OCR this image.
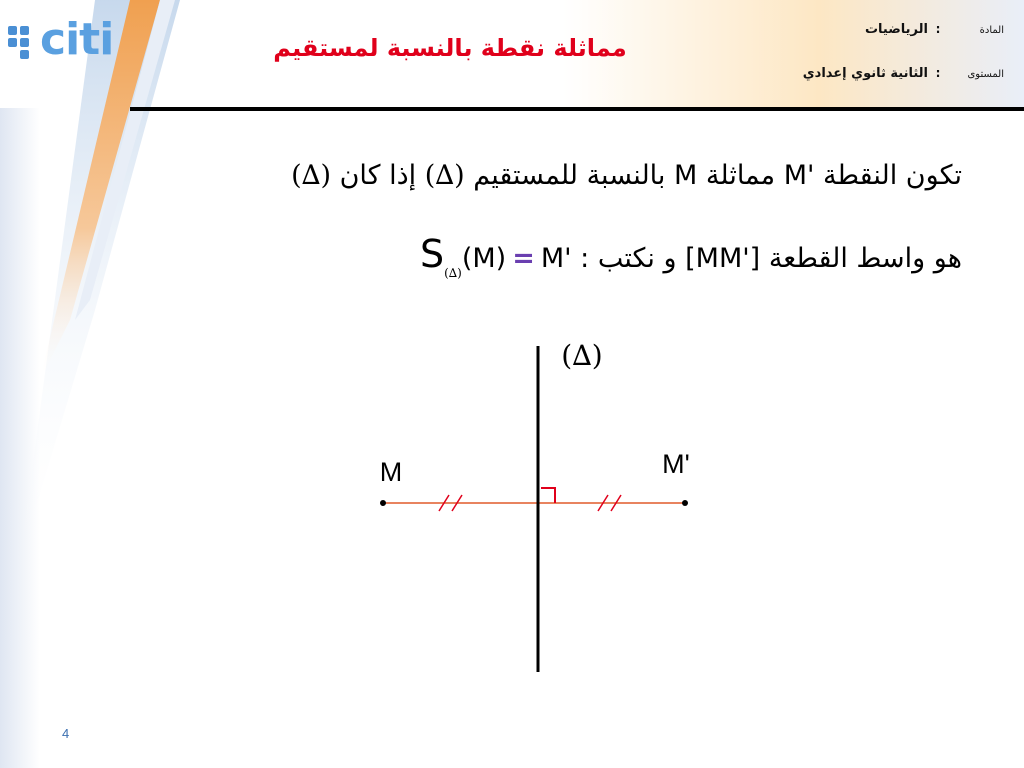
citi	مماثلة نقطة بالنسبة لمستقيم
المادة
:
الرياضيات
المستوى
:
الثانية ثانوي إعدادي
تكون النقطة M' مماثلة M بالنسبة للمستقيم (∆) إذا كان (∆)
هو واسط القطعة [MM'] و نكتب : $S_{(\Delta)}(M) = M'$
(∆)
M	M'
4
